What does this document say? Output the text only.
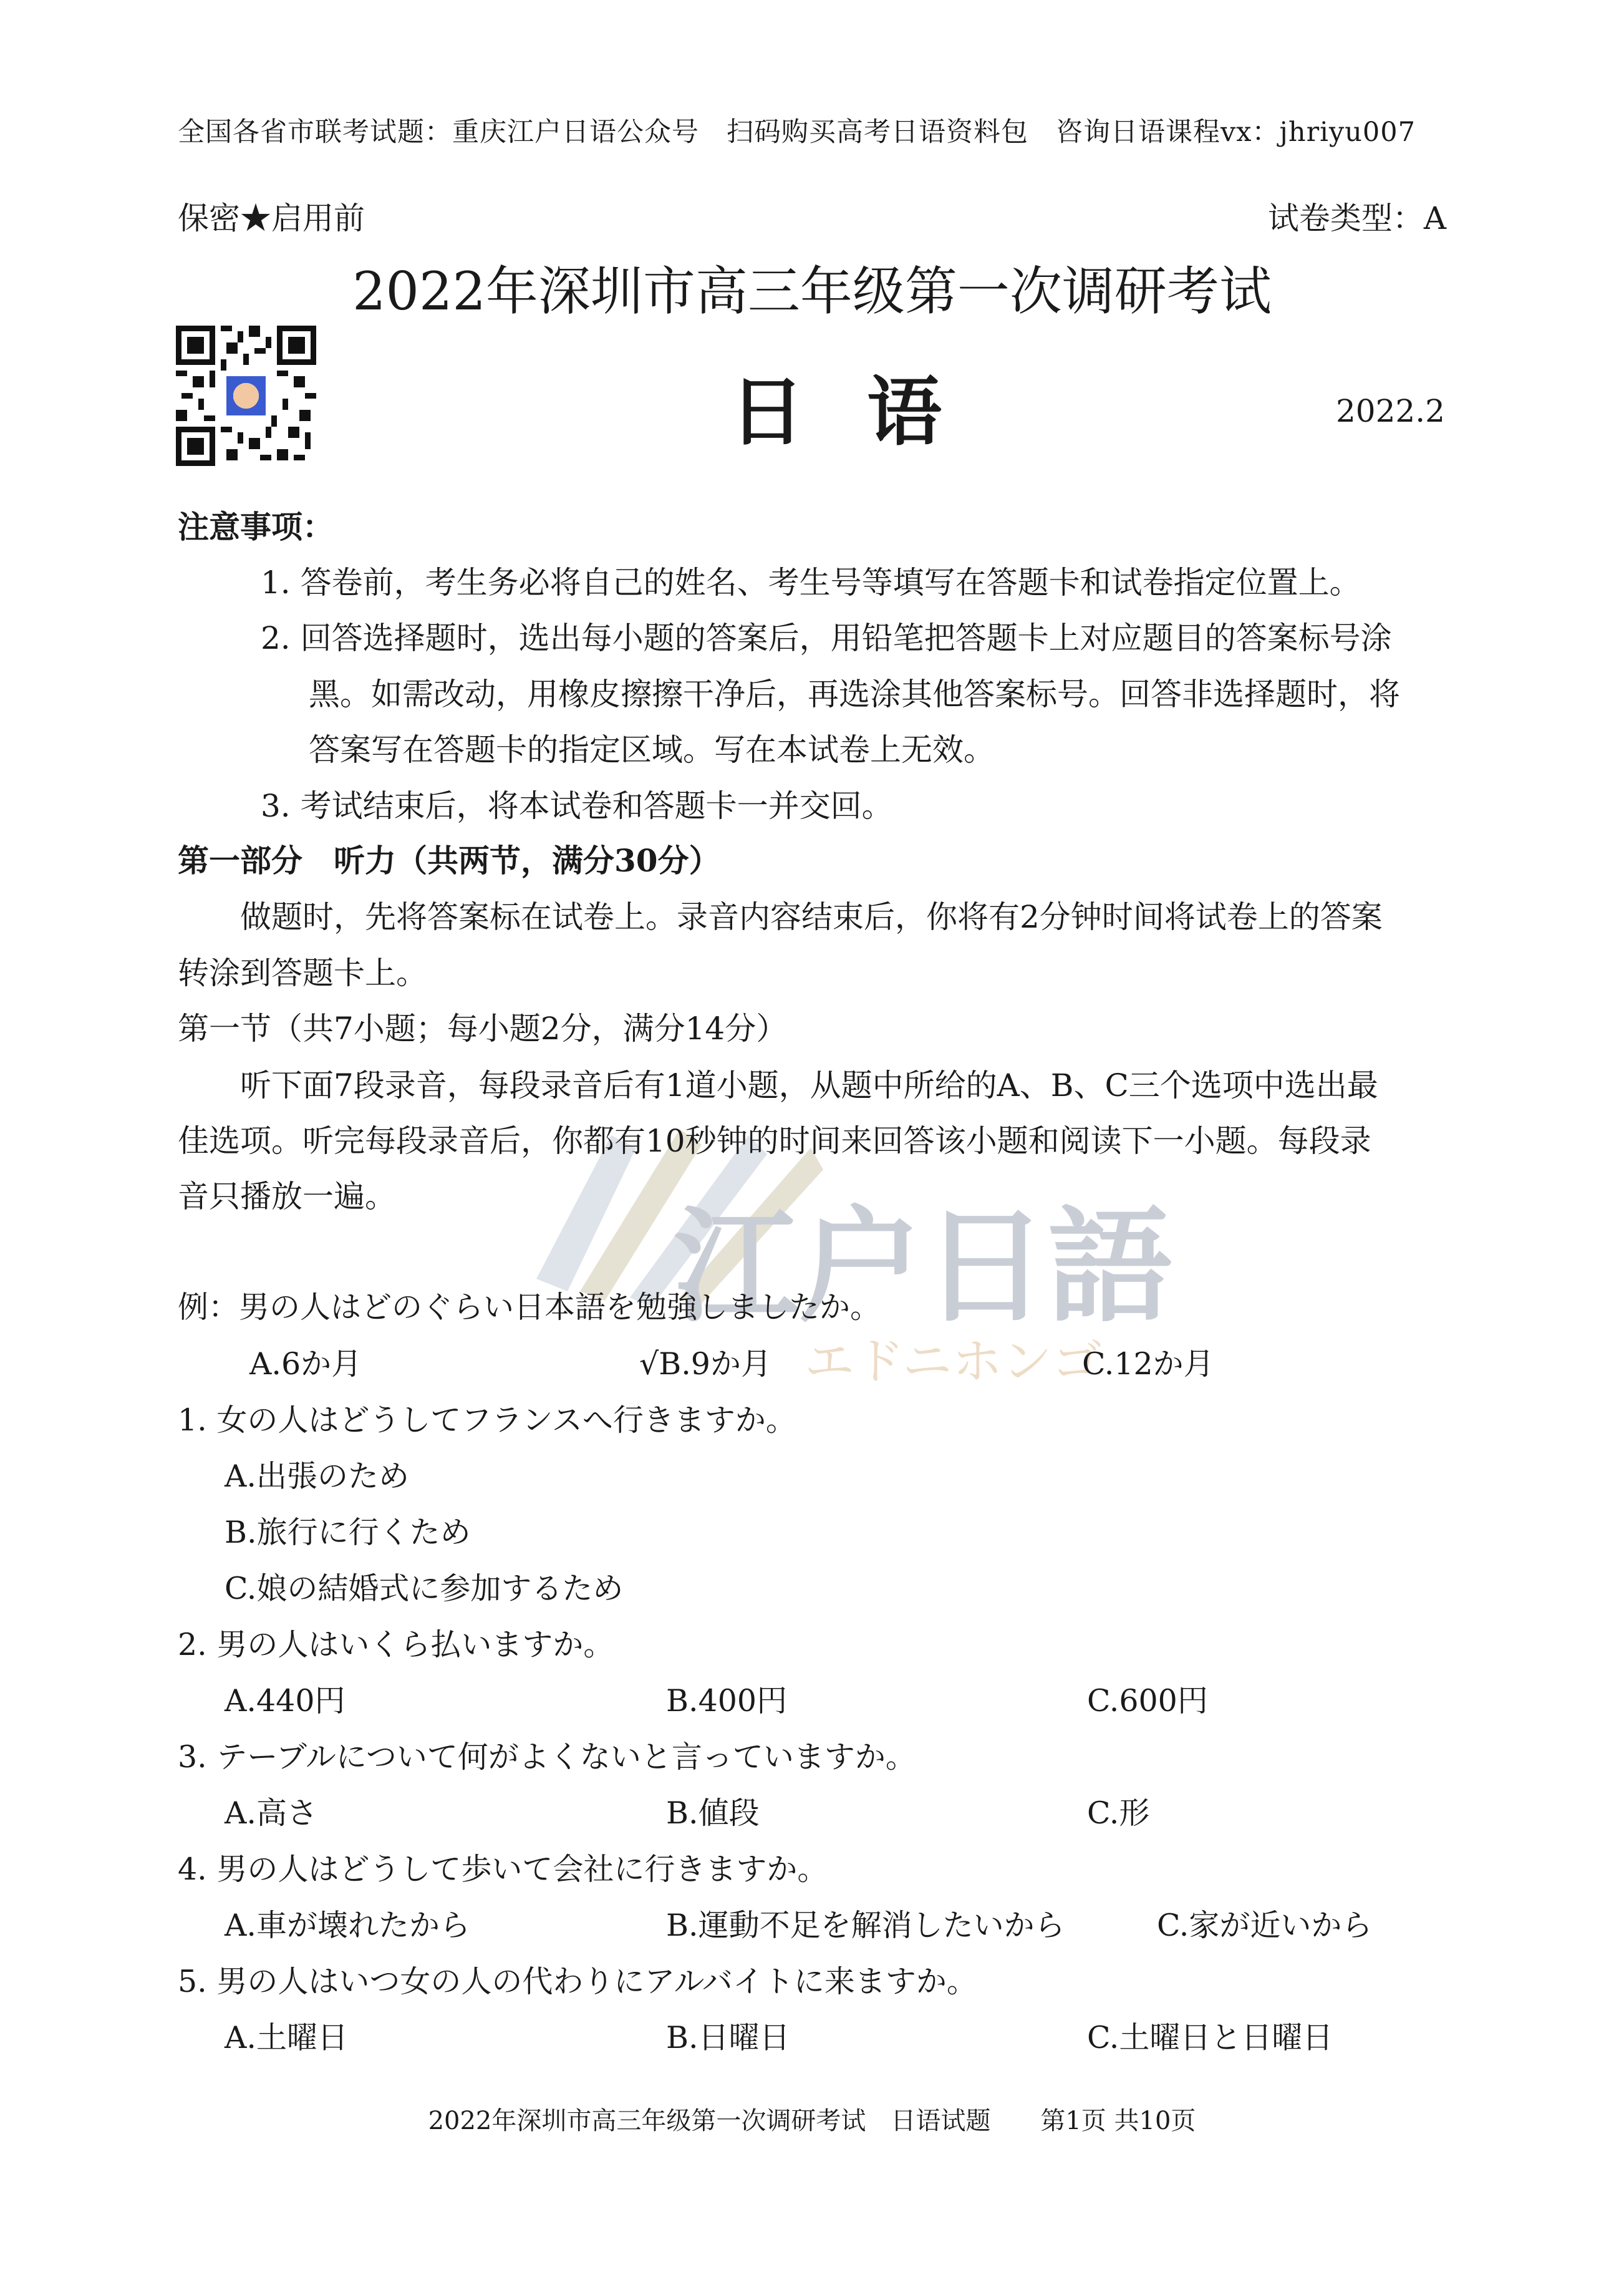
江户日語
エドニホンゴ
全国各省市联考试题：重庆江户日语公众号　扫码购买高考日语资料包　咨询日语课程vx：jhriyu007
保密★启用前	试卷类型：A
2022年深圳市高三年级第一次调研考试
日语	2022.2
注意事项：
1. 答卷前，考生务必将自己的姓名、考生号等填写在答题卡和试卷指定位置上。
2. 回答选择题时，选出每小题的答案后，用铅笔把答题卡上对应题目的答案标号涂
黑。如需改动，用橡皮擦擦干净后，再选涂其他答案标号。回答非选择题时，将
答案写在答题卡的指定区域。写在本试卷上无效。
3. 考试结束后，将本试卷和答题卡一并交回。
第一部分　听力（共两节，满分30分）
做题时，先将答案标在试卷上。录音内容结束后，你将有2分钟时间将试卷上的答案
转涂到答题卡上。
第一节（共7小题；每小题2分，满分14分）
听下面7段录音，每段录音后有1道小题，从题中所给的A、B、C三个选项中选出最
佳选项。听完每段录音后，你都有10秒钟的时间来回答该小题和阅读下一小题。每段录
音只播放一遍。
例：男の人はどのぐらい日本語を勉強しましたか。
A.6か月	√B.9か月	C.12か月
1. 女の人はどうしてフランスへ行きますか。
A.出張のため
B.旅行に行くため
C.娘の結婚式に参加するため
2. 男の人はいくら払いますか。
A.440円	B.400円	C.600円
3. テーブルについて何がよくないと言っていますか。
A.高さ	B.値段	C.形
4. 男の人はどうして歩いて会社に行きますか。
A.車が壊れたから	B.運動不足を解消したいから	C.家が近いから
5. 男の人はいつ女の人の代わりにアルバイトに来ますか。
A.土曜日	B.日曜日	C.土曜日と日曜日
2022年深圳市高三年级第一次调研考试　日语试题　　第1页 共10页
